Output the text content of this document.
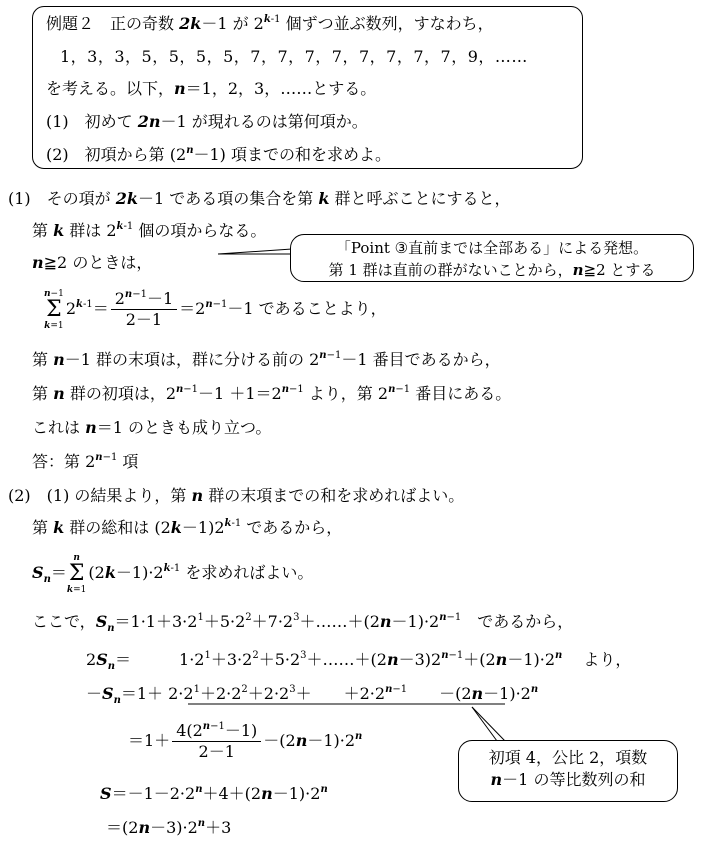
例題２　正の奇数 2k－1 が 2$^{k-1}$ 個ずつ並ぶ数列，すなわち，
1，3，3，5，5，5，5，7，7，7，7，7，7，7，7，9，……
を考える。以下，n＝1，2，3，……とする。
(1)　初めて 2n－1 が現れるのは第何項か。
(2)　初項から第 $(2^n-1)$ 項までの和を求めよ。
(1)　その項が 2k－1 である項の集合を第 k 群と呼ぶことにすると，
第 k 群は 2$^{k-1}$ 個の項からなる。
n≧2 のときは，
「Point ③直前までは全部ある」による発想。
第 1 群は直前の群がないことから，n≧2 とする
n−1
Σ
k=1
$2^{k-1}= \frac{2^{n-1}-1}{2-1} =2^{n-1}-1$ であることより，
第 n－1 群の末項は，群に分ける前の $2^{n-1}-1$ 番目であるから，
第 n 群の初項は，$2^{n-1}-1 +1=2^{n-1}$ より，第 $2^{n-1}$ 番目にある。
これは n＝1 のときも成り立つ。
答：第 $2^{n-1}$ 項
(2)　(1) の結果より，第 n 群の末項までの和を求めればよい。
第 k 群の総和は $(2k-1)2^{k-1}$ であるから，
$S_n=$
n
Σ
k=1
$(2k-1)\cdot 2^{k-1}$ を求めればよい。
ここで，$S_n=1\cdot 1+3\cdot 2^1+5\cdot 2^2+7\cdot 2^3+\dots\dots+(2n-1)\cdot 2^{n-1}$　であるから，
$2S_n=$　　　$1\cdot 2^1+3\cdot 2^2+5\cdot 2^3+\dots\dots+(2n-3)2^{n-1}+(2n-1)\cdot 2^n$　 より，
$-S_n=1+ 2\cdot 2^1+2\cdot 2^2+2\cdot 2^3+$　　$+2\cdot 2^{n-1}$　　$-(2n-1)\cdot 2^n$
$=1+ \frac{4(2^{n-1}-1)}{2-1} -(2n-1)\cdot 2^n$
初項 4，公比 2，項数
n－1 の等比数列の和
$S=-1-2\cdot 2^n+4+(2n-1)\cdot 2^n$
$=(2n-3)\cdot 2^n+3$
